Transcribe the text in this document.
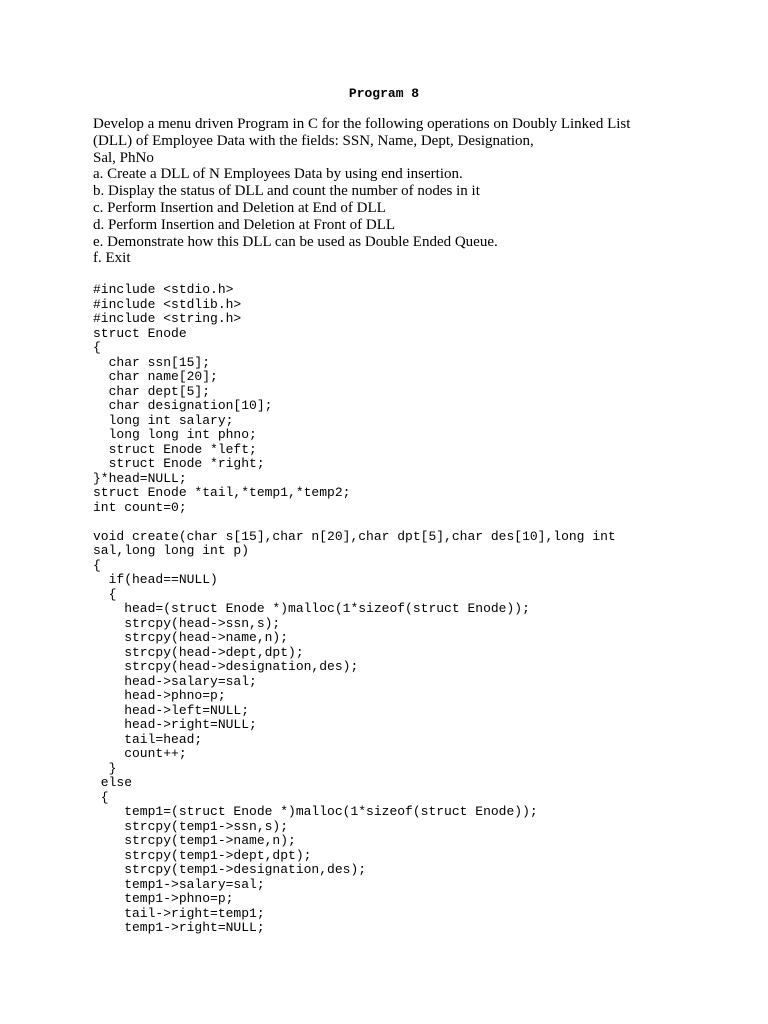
Program 8
Develop a menu driven Program in C for the following operations on Doubly Linked List
(DLL) of Employee Data with the fields: SSN, Name, Dept, Designation,
Sal, PhNo
a. Create a DLL of N Employees Data by using end insertion.
b. Display the status of DLL and count the number of nodes in it
c. Perform Insertion and Deletion at End of DLL
d. Perform Insertion and Deletion at Front of DLL
e. Demonstrate how this DLL can be used as Double Ended Queue.
f. Exit
#include <stdio.h>
#include <stdlib.h>
#include <string.h>
struct Enode
{
char ssn[15];
char name[20];
char dept[5];
char designation[10];
long int salary;
long long int phno;
struct Enode *left;
struct Enode *right;
}*head=NULL;
struct Enode *tail,*temp1,*temp2;
int count=0;
void create(char s[15],char n[20],char dpt[5],char des[10],long int
sal,long long int p)
{
if(head==NULL)
{
head=(struct Enode *)malloc(1*sizeof(struct Enode));
strcpy(head->ssn,s);
strcpy(head->name,n);
strcpy(head->dept,dpt);
strcpy(head->designation,des);
head->salary=sal;
head->phno=p;
head->left=NULL;
head->right=NULL;
tail=head;
count++;
}
else
{
temp1=(struct Enode *)malloc(1*sizeof(struct Enode));
strcpy(temp1->ssn,s);
strcpy(temp1->name,n);
strcpy(temp1->dept,dpt);
strcpy(temp1->designation,des);
temp1->salary=sal;
temp1->phno=p;
tail->right=temp1;
temp1->right=NULL;
